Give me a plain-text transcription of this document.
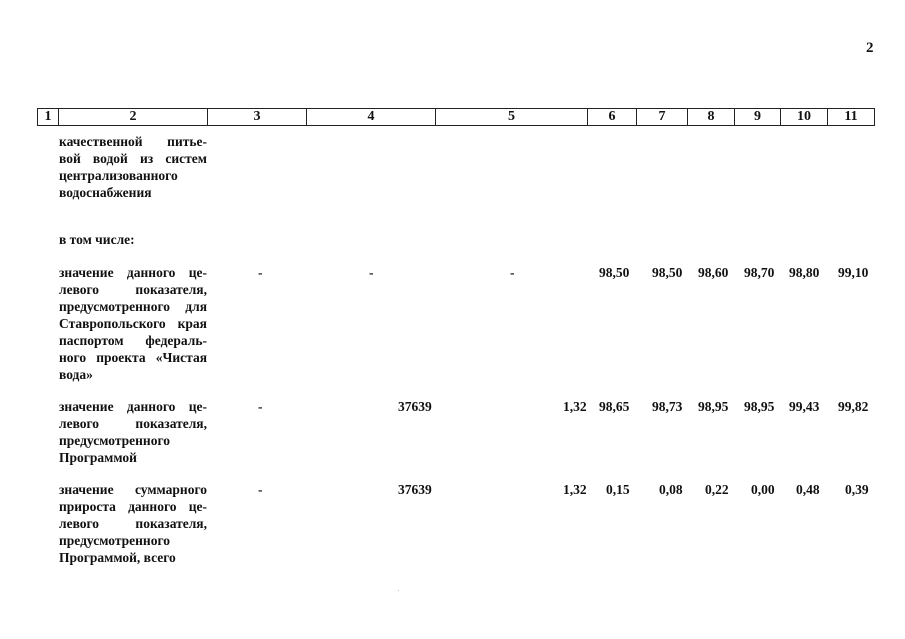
2
1	2	3	4	5	6	7	8	9	10	11
качественной питье-
вой водой из систем
централизованного
водоснабжения
в том числе:
значение данного це-
левого показателя,
предусмотренного для
Ставропольского края
паспортом федераль-
ного проекта «Чистая
вода»
-	-	-	98,50 98,50 98,60 98,70 98,80 99,10
значение данного це-
левого показателя,
предусмотренного
Программой
-	37639	1,32 98,65 98,73 98,95 98,95 99,43 99,82
значение суммарного
прироста данного це-
левого показателя,
предусмотренного
Программой, всего
-	37639	1,32 0,15 0,08 0,22 0,00 0,48 0,39
